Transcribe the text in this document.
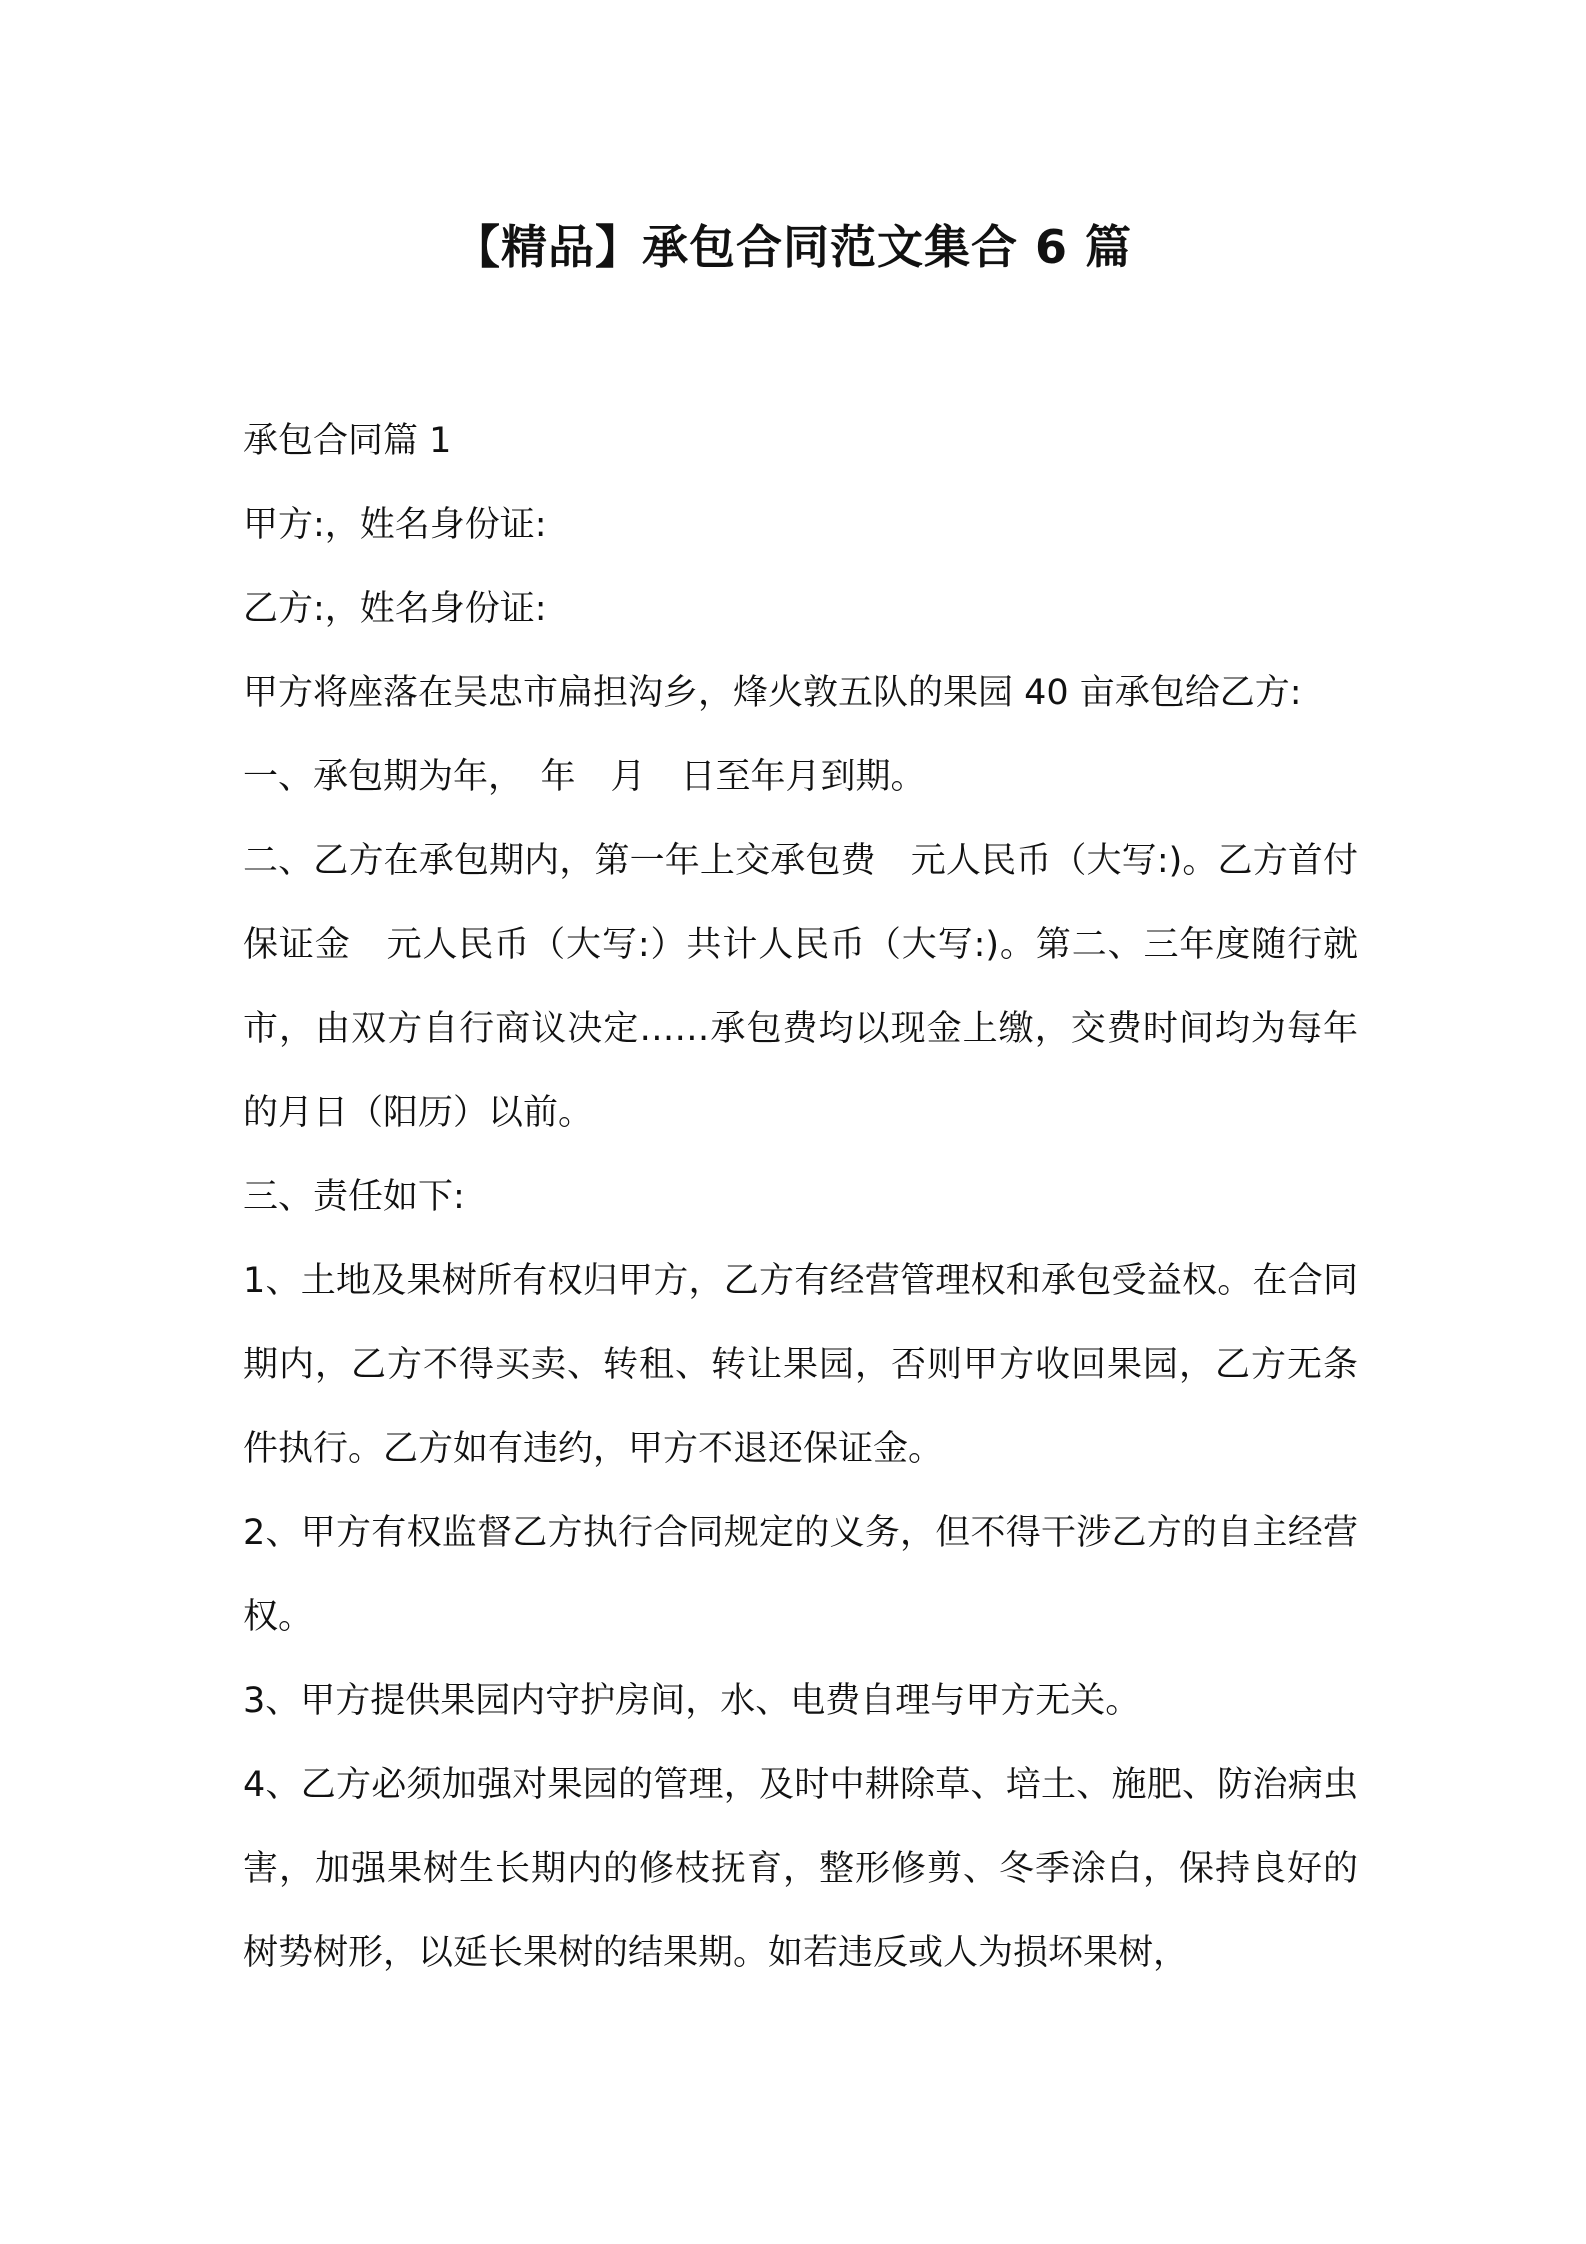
【精品】承包合同范文集合 6 篇

承包合同篇 1

甲方:，姓名身份证:

乙方:，姓名身份证:

甲方将座落在吴忠市扁担沟乡，烽火敦五队的果园 40 亩承包给乙方:

一、承包期为年，　年　月　日至年月到期。

二、乙方在承包期内，第一年上交承包费　元人民币（大写:)。乙方首付保证金　元人民币（大写:）共计人民币（大写:)。第二、三年度随行就市，由双方自行商议决定……承包费均以现金上缴，交费时间均为每年的月日（阳历）以前。

三、责任如下:

1、土地及果树所有权归甲方，乙方有经营管理权和承包受益权。在合同期内，乙方不得买卖、转租、转让果园，否则甲方收回果园，乙方无条件执行。乙方如有违约，甲方不退还保证金。

2、甲方有权监督乙方执行合同规定的义务，但不得干涉乙方的自主经营权。

3、甲方提供果园内守护房间，水、电费自理与甲方无关。

4、乙方必须加强对果园的管理，及时中耕除草、培土、施肥、防治病虫害，加强果树生长期内的修枝抚育，整形修剪、冬季涂白，保持良好的树势树形，以延长果树的结果期。如若违反或人为损坏果树，
